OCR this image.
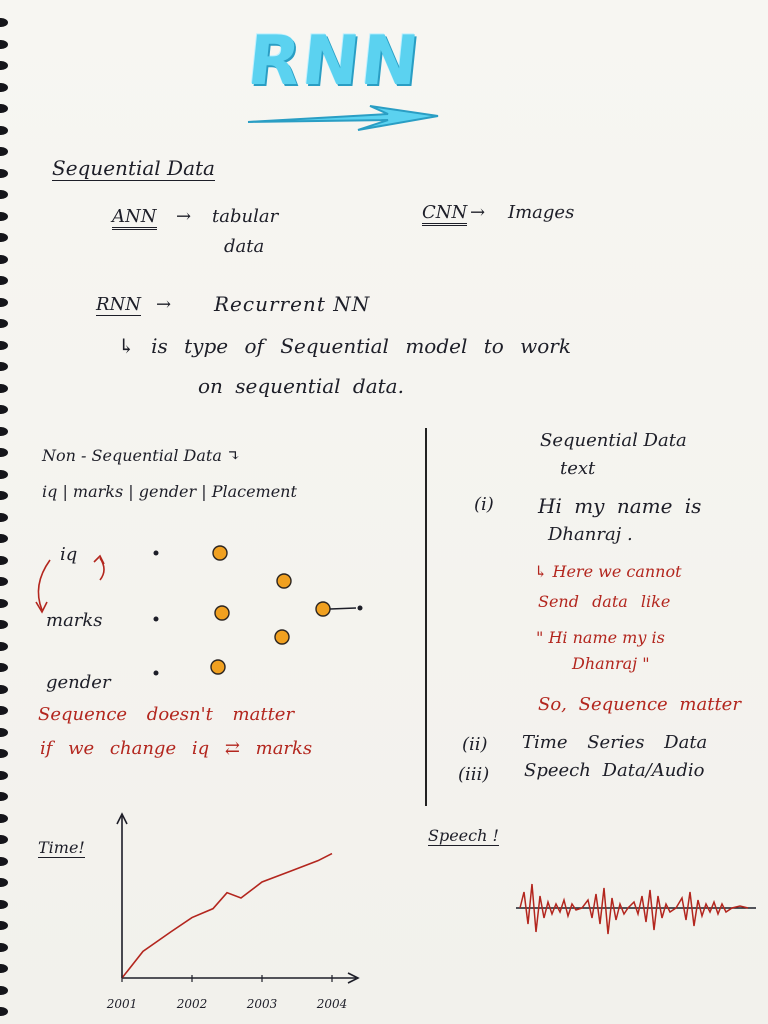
RNN
Sequential Data
ANN → tabular
data
CNN → Images
RNN → Recurrent NN
↳ is type of Sequential model to work
on sequential data.
Non - Sequential Data ↴
iq | marks | gender | Placement
iq
marks
gender
Sequence doesn't matter
if we change iq ⇄ marks
Sequential Data
text
(i) Hi my name is
Dhanraj .
↳ Here we cannot
Send data like
" Hi name my is
Dhanraj "
So, Sequence matter
(ii) Time Series Data
(iii) Speech Data/Audio
Time!
2001	2002	2003	2004
Speech !
